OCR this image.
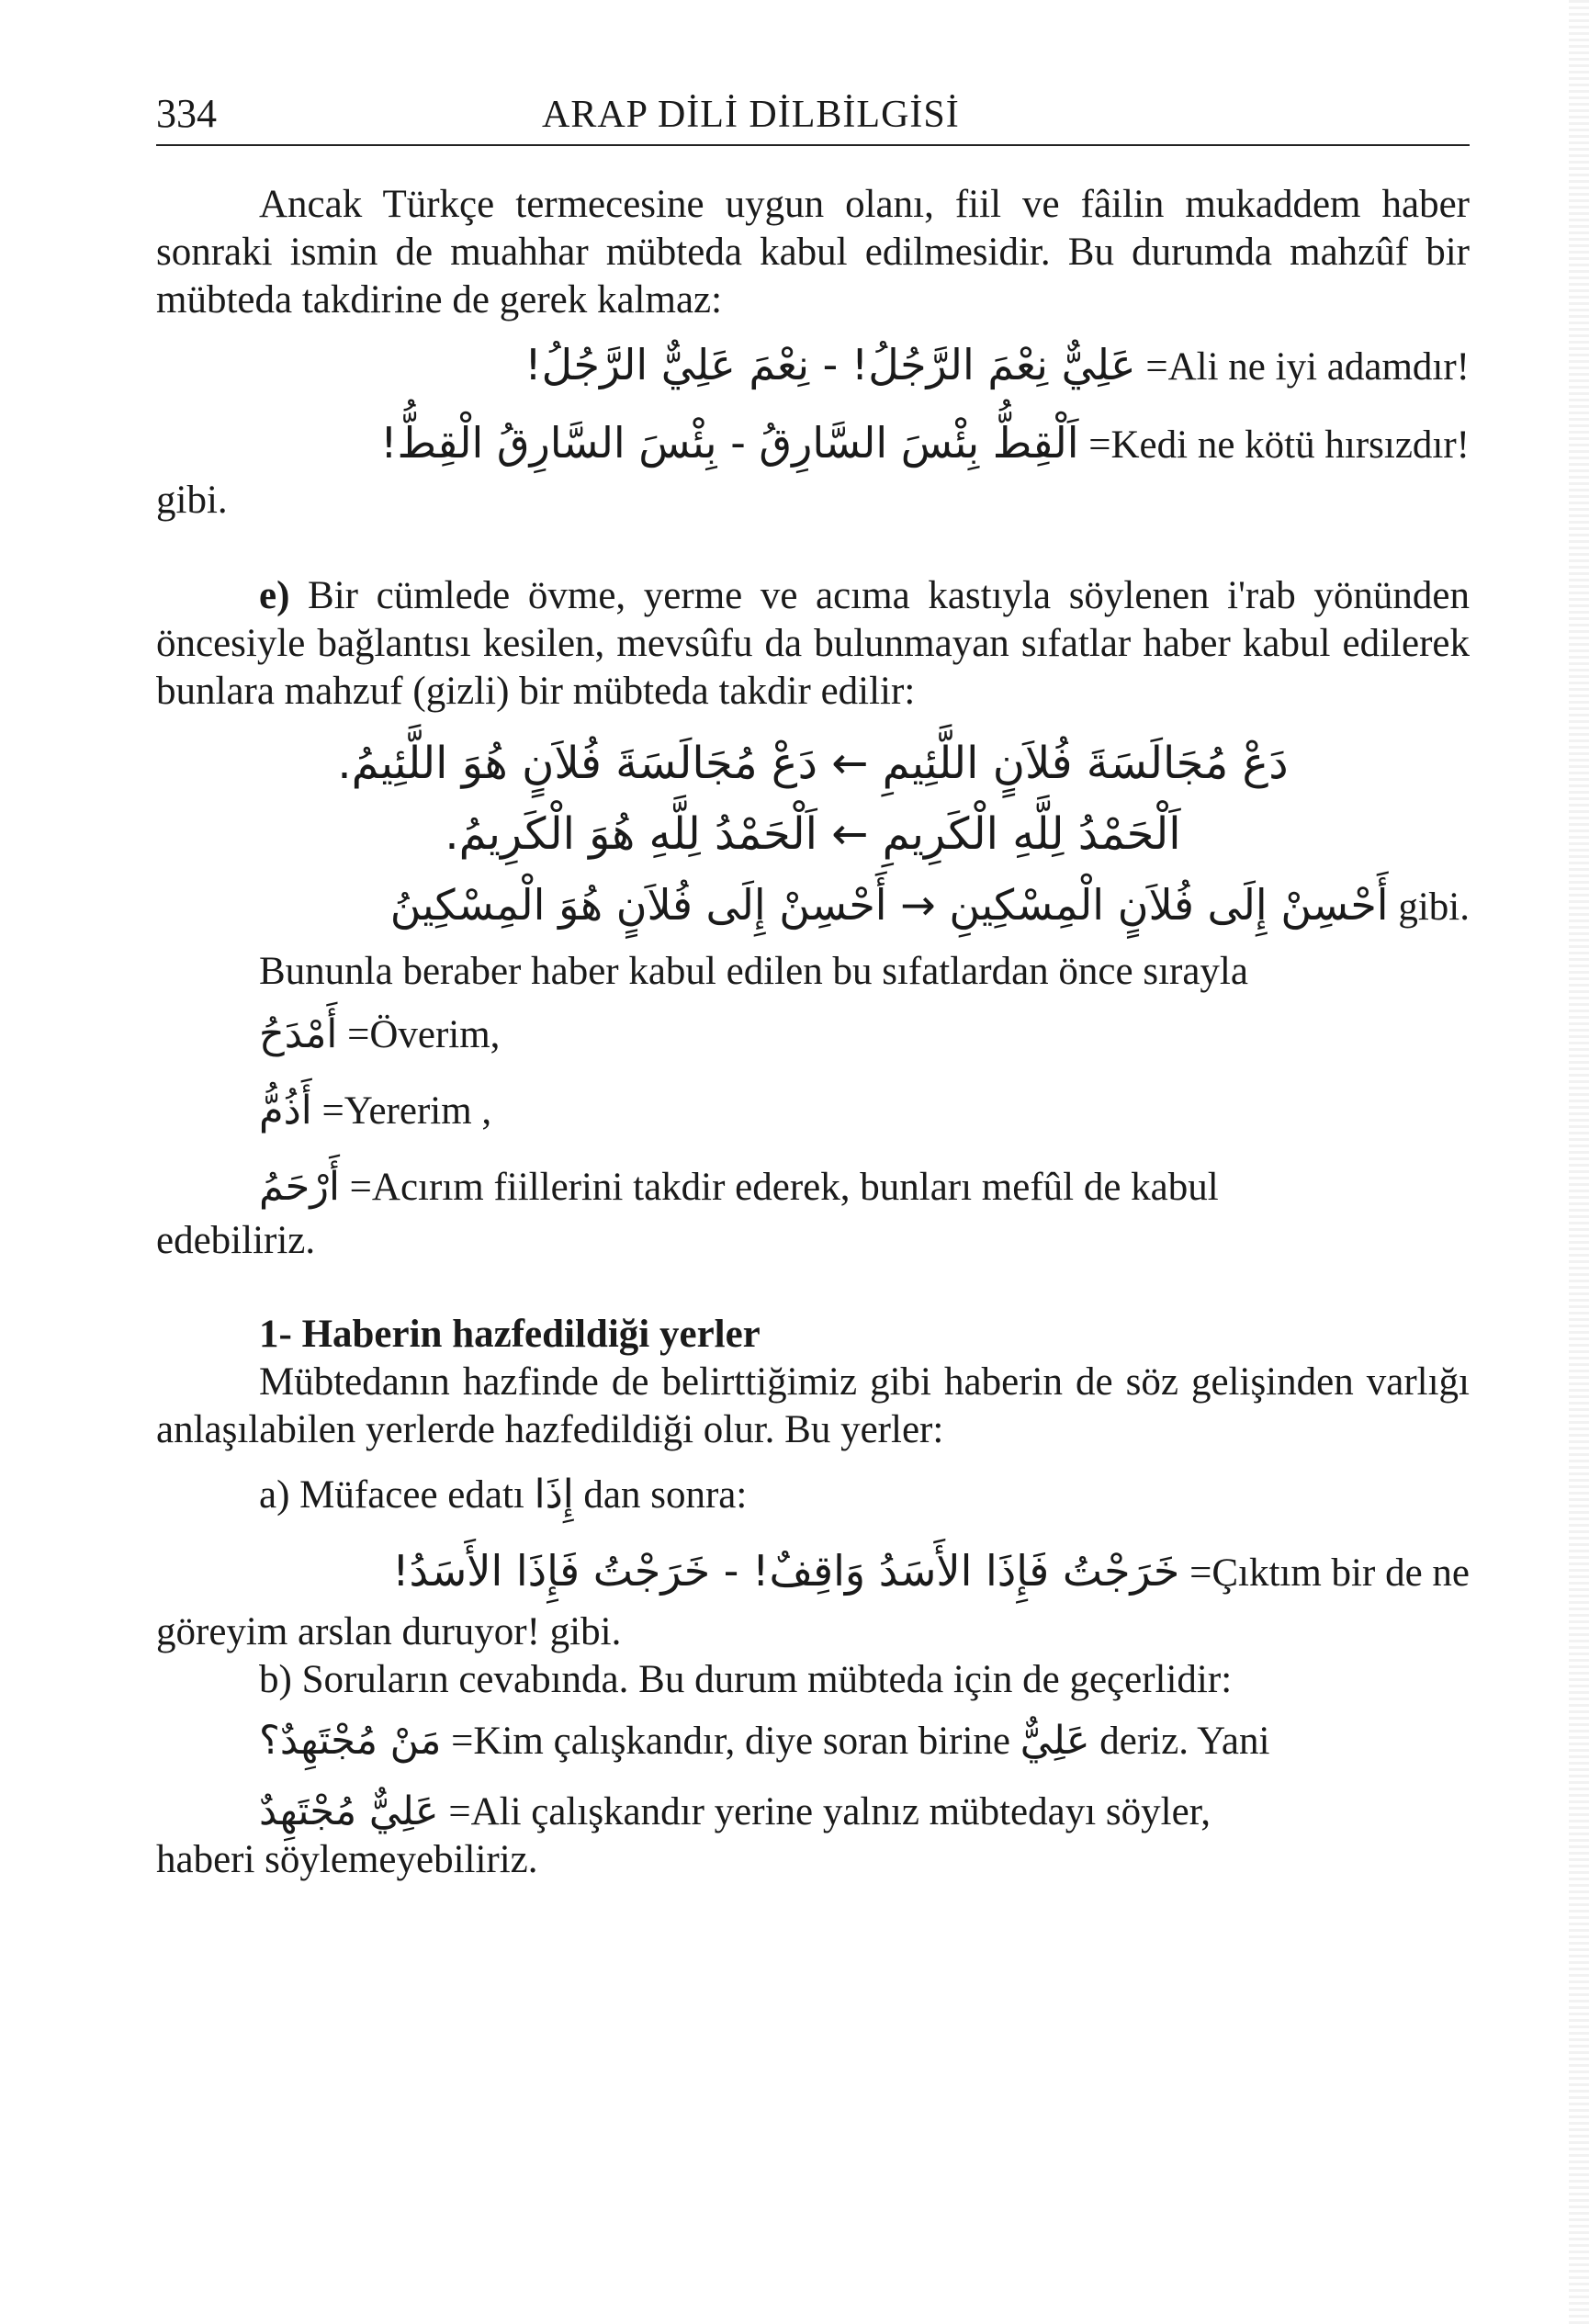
334	ARAP DİLİ DİLBİLGİSİ

Ancak Türkçe termecesine uygun olanı, fiil ve fâilin mukaddem haber sonraki ismin de muahhar mübteda kabul edilmesidir. Bu durumda mahzûf bir mübteda takdirine de gerek kalmaz:

عَلِيٌّ نِعْمَ الرَّجُلُ! - نِعْمَ عَلِيٌّ الرَّجُلُ! =Ali ne iyi adamdır!
اَلْقِطُّ بِئْسَ السَّارِقُ - بِئْسَ السَّارِقُ الْقِطُّ! =Kedi ne kötü hırsızdır!

gibi.

e) Bir cümlede övme, yerme ve acıma kastıyla söylenen i'rab yönünden öncesiyle bağlantısı kesilen, mevsûfu da bulunmayan sıfatlar haber kabul edilerek bunlara mahzuf (gizli) bir mübteda takdir edilir:

دَعْ مُجَالَسَةَ فُلاَنٍ اللَّئِيمِ ← دَعْ مُجَالَسَةَ فُلاَنٍ هُوَ اللَّئِيمُ.
اَلْحَمْدُ لِلَّهِ الْكَرِيمِ ← اَلْحَمْدُ لِلَّهِ هُوَ الْكَرِيمُ.
أَحْسِنْ إِلَى فُلاَنٍ الْمِسْكِينِ → أَحْسِنْ إِلَى فُلاَنٍ هُوَ الْمِسْكِينُ gibi.

Bununla beraber haber kabul edilen bu sıfatlardan önce sırayla

أَمْدَحُ =Överim,

أَذُمُّ =Yererim ,

أَرْحَمُ =Acırım fiillerini takdir ederek, bunları mefûl de kabul

edebiliriz.

1- Haberin hazfedildiği yerler

Mübtedanın hazfinde de belirttiğimiz gibi haberin de söz gelişinden varlığı anlaşılabilen yerlerde hazfedildiği olur. Bu yerler:

a) Müfacee edatı إِذَا dan sonra:

خَرَجْتُ فَإِذَا الأَسَدُ وَاقِفٌ! - خَرَجْتُ فَإِذَا الأَسَدُ! =Çıktım bir de ne

göreyim arslan duruyor! gibi.

b) Soruların cevabında. Bu durum mübteda için de geçerlidir:

مَنْ مُجْتَهِدٌ؟ =Kim çalışkandır, diye soran birine عَلِيٌّ deriz. Yani

عَلِيٌّ مُجْتَهِدٌ =Ali çalışkandır yerine yalnız mübtedayı söyler,

haberi söylemeyebiliriz.
